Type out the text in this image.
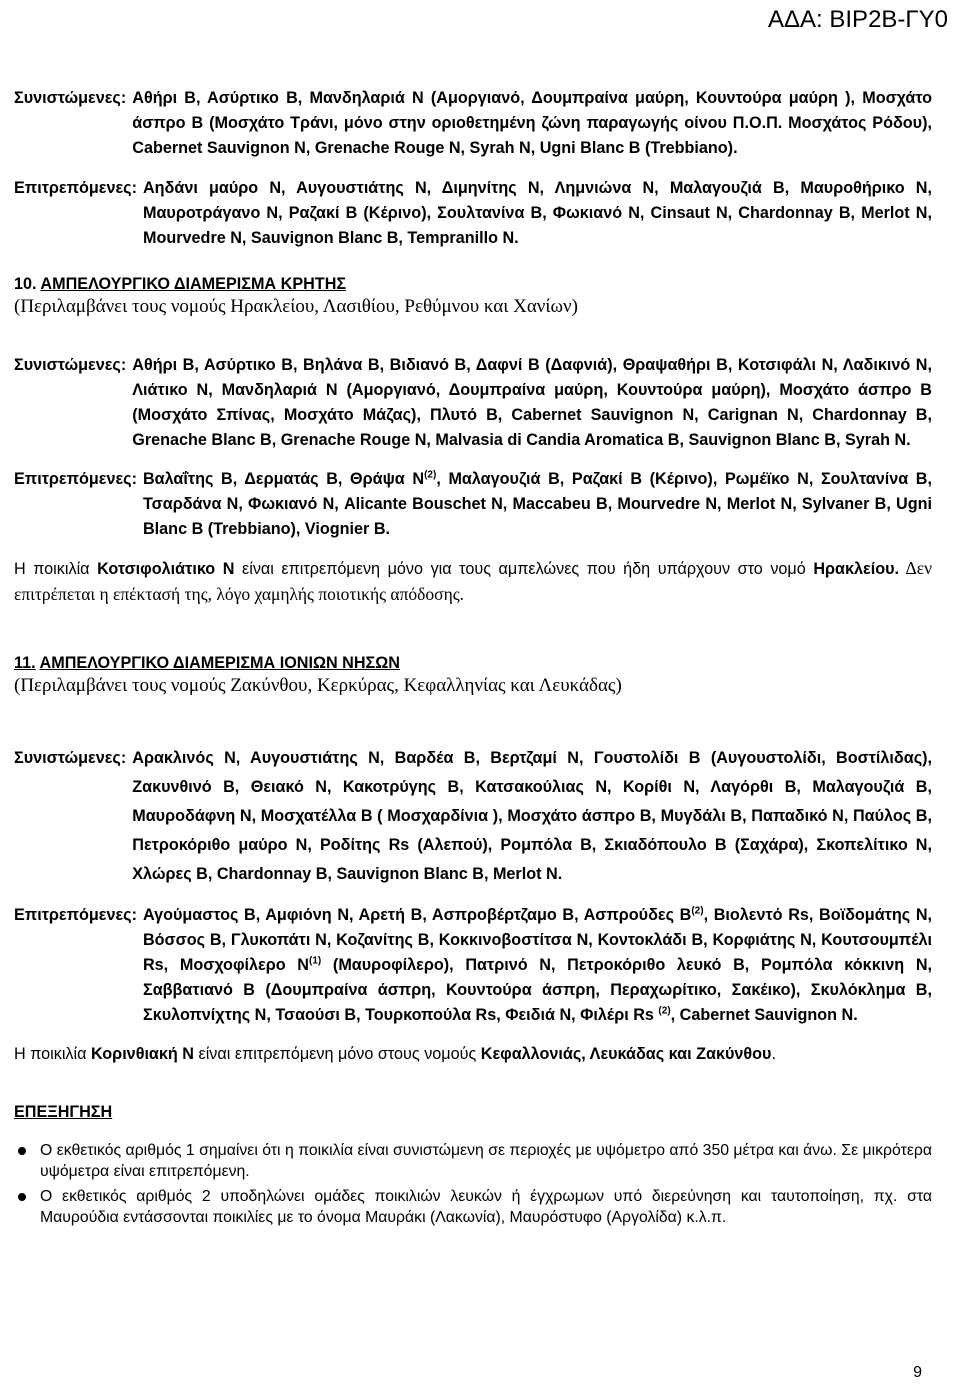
ΑΔΑ: ΒΙΡ2Β-ΓΥ0
Συνιστώμενες: Αθήρι Β, Ασύρτικο Β, Μανδηλαριά Ν (Αμοργιανό, Δουμπραίνα μαύρη, Κουντούρα μαύρη ), Μοσχάτο άσπρο Β (Μοσχάτο Τράνι, μόνο στην οριοθετημένη ζώνη παραγωγής οίνου Π.Ο.Π. Μοσχάτος Ρόδου), Cabernet Sauvignon Ν, Grenache Rouge Ν, Syrah Ν, Ugni Blanc Β (Trebbiano).
Επιτρεπόμενες: Αηδάνι μαύρο Ν, Αυγουστιάτης Ν, Διμηνίτης Ν, Λημνιώνα Ν, Μαλαγουζιά Β, Μαυροθήρικο Ν, Μαυροτράγανο Ν, Ραζακί Β (Κέρινο), Σουλτανίνα Β, Φωκιανό Ν, Cinsaut Ν, Chardonnay Β, Merlot Ν, Mourvedre Ν, Sauvignon Blanc Β, Tempranillo Ν.
10. ΑΜΠΕΛΟΥΡΓΙΚΟ ΔΙΑΜΕΡΙΣΜΑ ΚΡΗΤΗΣ
(Περιλαμβάνει τους νομούς Ηρακλείου, Λασιθίου, Ρεθύμνου και Χανίων)
Συνιστώμενες: Αθήρι Β, Ασύρτικο Β, Βηλάνα Β, Βιδιανό Β, Δαφνί Β (Δαφνιά), Θραψαθήρι Β, Κοτσιφάλι Ν, Λαδικινό Ν, Λιάτικο Ν, Μανδηλαριά Ν (Αμοργιανό, Δουμπραίνα μαύρη, Κουντούρα μαύρη), Μοσχάτο άσπρο Β (Μοσχάτο Σπίνας, Μοσχάτο Μάζας), Πλυτό Β, Cabernet Sauvignon Ν, Carignan Ν, Chardonnay Β, Grenache Blanc Β, Grenache Rouge Ν, Malvasia di Candia Aromatica Β, Sauvignon Blanc Β, Syrah Ν.
Επιτρεπόμενες: Βαλαΐτης Β, Δερματάς Β, Θράψα $N^{(2)}$, Μαλαγουζιά Β, Ραζακί Β (Κέρινο), Ρωμέϊκο Ν, Σουλτανίνα Β, Τσαρδάνα Ν, Φωκιανό Ν, Alicante Bouschet Ν, Maccabeu Β, Mourvedre Ν, Merlot Ν, Sylvaner Β, Ugni Blanc Β (Trebbiano), Viognier Β.
Η ποικιλία Κοτσιφολιάτικο Ν είναι επιτρεπόμενη μόνο για τους αμπελώνες που ήδη υπάρχουν στο νομό Ηρακλείου. Δεν επιτρέπεται η επέκτασή της, λόγο χαμηλής ποιοτικής απόδοσης.
11. ΑΜΠΕΛΟΥΡΓΙΚΟ ΔΙΑΜΕΡΙΣΜΑ ΙΟΝΙΩΝ ΝΗΣΩΝ
(Περιλαμβάνει τους νομούς Ζακύνθου, Κερκύρας, Κεφαλληνίας και Λευκάδας)
Συνιστώμενες: Αρακλινός Ν, Αυγουστιάτης Ν, Βαρδέα Β, Βερτζαμί Ν, Γουστολίδι Β (Αυγουστολίδι, Βοστίλιδας), Ζακυνθινό Β, Θειακό Ν, Κακοτρύγης Β, Κατσακούλιας Ν, Κορίθι Ν, Λαγόρθι Β, Μαλαγουζιά Β, Μαυροδάφνη Ν, Μοσχατέλλα Β ( Μοσχαρδίνια ), Μοσχάτο άσπρο Β, Μυγδάλι Β, Παπαδικό Ν, Παύλος Β, Πετροκόριθο μαύρο Ν, Ροδίτης Rs (Αλεπού), Ρομπόλα Β, Σκιαδόπουλο Β (Σαχάρα), Σκοπελίτικο Ν, Χλώρες Β, Chardonnay Β, Sauvignon Blanc Β, Merlot Ν.
Επιτρεπόμενες: Αγούμαστος Β, Αμφιόνη Ν, Αρετή Β, Ασπροβέρτζαμο Β, Ασπρούδες $B^{(2)}$, Βιολεντό Rs, Βοϊδομάτης Ν, Βόσσος Β, Γλυκοπάτι Ν, Κοζανίτης Β, Κοκκινοβοστίτσα Ν, Κοντοκλάδι Β, Κορφιάτης Ν, Κουτσουμπέλι Rs, Μοσχοφίλερο $N^{(1)}$ (Μαυροφίλερο), Πατρινό Ν, Πετροκόριθο λευκό Β, Ρομπόλα κόκκινη Ν, Σαββατιανό Β (Δουμπραίνα άσπρη, Κουντούρα άσπρη, Περαχωρίτικο, Σακέικο), Σκυλόκλημα Β, Σκυλοπνίχτης Ν, Τσαούσι Β, Τουρκοπούλα Rs, Φειδιά Ν, Φιλέρι Rs $^{(2)}$, Cabernet Sauvignon Ν.
Η ποικιλία Κορινθιακή Ν είναι επιτρεπόμενη μόνο στους νομούς Κεφαλλονιάς, Λευκάδας και Ζακύνθου.
ΕΠΕΞΗΓΗΣΗ
Ο εκθετικός αριθμός 1 σημαίνει ότι η ποικιλία είναι συνιστώμενη σε περιοχές με υψόμετρο από 350 μέτρα και άνω. Σε μικρότερα υψόμετρα είναι επιτρεπόμενη.
Ο εκθετικός αριθμός 2 υποδηλώνει ομάδες ποικιλιών λευκών ή έγχρωμων υπό διερεύνηση και ταυτοποίηση, πχ. στα Μαυρούδια εντάσσονται ποικιλίες με το όνομα Μαυράκι (Λακωνία), Μαυρόστυφο (Αργολίδα) κ.λ.π.
9
